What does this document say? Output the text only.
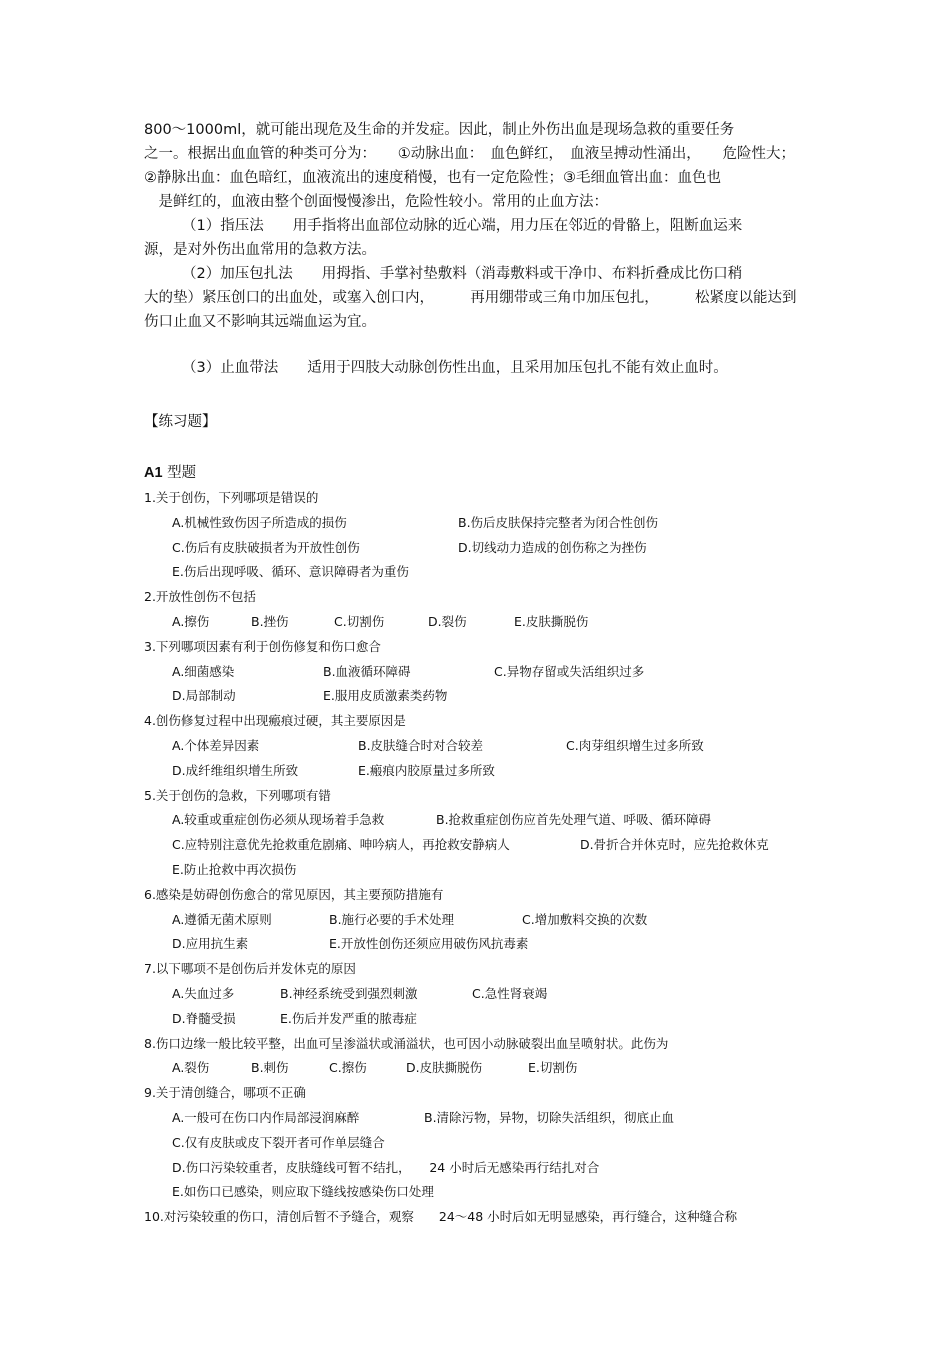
800～1000ml，就可能出现危及生命的并发症。因此，制止外伤出血是现场急救的重要任务

之一。根据出血血管的种类可分为：　　①动脉出血：　血色鲜红，　血液呈搏动性涌出，　　危险性大；

②静脉出血：血色暗红，血液流出的速度稍慢，也有一定危险性；③毛细血管出血：血色也

　是鲜红的，血液由整个创面慢慢渗出，危险性较小。常用的止血方法：

（1）指压法　　用手指将出血部位动脉的近心端，用力压在邻近的骨骼上，阻断血运来

源，是对外伤出血常用的急救方法。

（2）加压包扎法　　用拇指、手掌衬垫敷料（消毒敷料或干净巾、布料折叠成比伤口稍

大的垫）紧压创口的出血处，或塞入创口内，　　　再用绷带或三角巾加压包扎，　　　松紧度以能达到

伤口止血又不影响其远端血运为宜。

（3）止血带法　　适用于四肢大动脉创伤性出血，且采用加压包扎不能有效止血时。

【练习题】
A1 型题
1.关于创伤，下列哪项是错误的
A.机械性致伤因子所造成的损伤	B.伤后皮肤保持完整者为闭合性创伤
C.伤后有皮肤破损者为开放性创伤	D.切线动力造成的创伤称之为挫伤
E.伤后出现呼吸、循环、意识障碍者为重伤
2.开放性创伤不包括
A.擦伤	B.挫伤	C.切割伤	D.裂伤	E.皮肤撕脱伤
3.下列哪项因素有利于创伤修复和伤口愈合
A.细菌感染	B.血液循环障碍	C.异物存留或失活组织过多
D.局部制动	E.服用皮质激素类药物
4.创伤修复过程中出现瘢痕过硬，其主要原因是
A.个体差异因素	B.皮肤缝合时对合较差	C.肉芽组织增生过多所致
D.成纤维组织增生所致	E.瘢痕内胶原量过多所致
5.关于创伤的急救，下列哪项有错
A.较重或重症创伤必须从现场着手急救	B.抢救重症创伤应首先处理气道、呼吸、循环障碍
C.应特别注意优先抢救重危剧痛、呻吟病人，再抢救安静病人	D.骨折合并休克时，应先抢救休克
E.防止抢救中再次损伤
6.感染是妨碍创伤愈合的常见原因，其主要预防措施有
A.遵循无菌术原则	B.施行必要的手术处理	C.增加敷料交换的次数
D.应用抗生素	E.开放性创伤还须应用破伤风抗毒素
7.以下哪项不是创伤后并发休克的原因
A.失血过多	B.神经系统受到强烈刺激	C.急性肾衰竭
D.脊髓受损	E.伤后并发严重的脓毒症
8.伤口边缘一般比较平整，出血可呈渗溢状或涌溢状，也可因小动脉破裂出血呈喷射状。此伤为
A.裂伤	B.刺伤	C.擦伤	D.皮肤撕脱伤	E.切割伤
9.关于清创缝合，哪项不正确
A.一般可在伤口内作局部浸润麻醉	B.清除污物，异物，切除失活组织，彻底止血
C.仅有皮肤或皮下裂开者可作单层缝合
D.伤口污染较重者，皮肤缝线可暂不结扎，　　24 小时后无感染再行结扎对合
E.如伤口已感染，则应取下缝线按感染伤口处理
10.对污染较重的伤口，清创后暂不予缝合，观察　　24～48 小时后如无明显感染，再行缝合，这种缝合称
